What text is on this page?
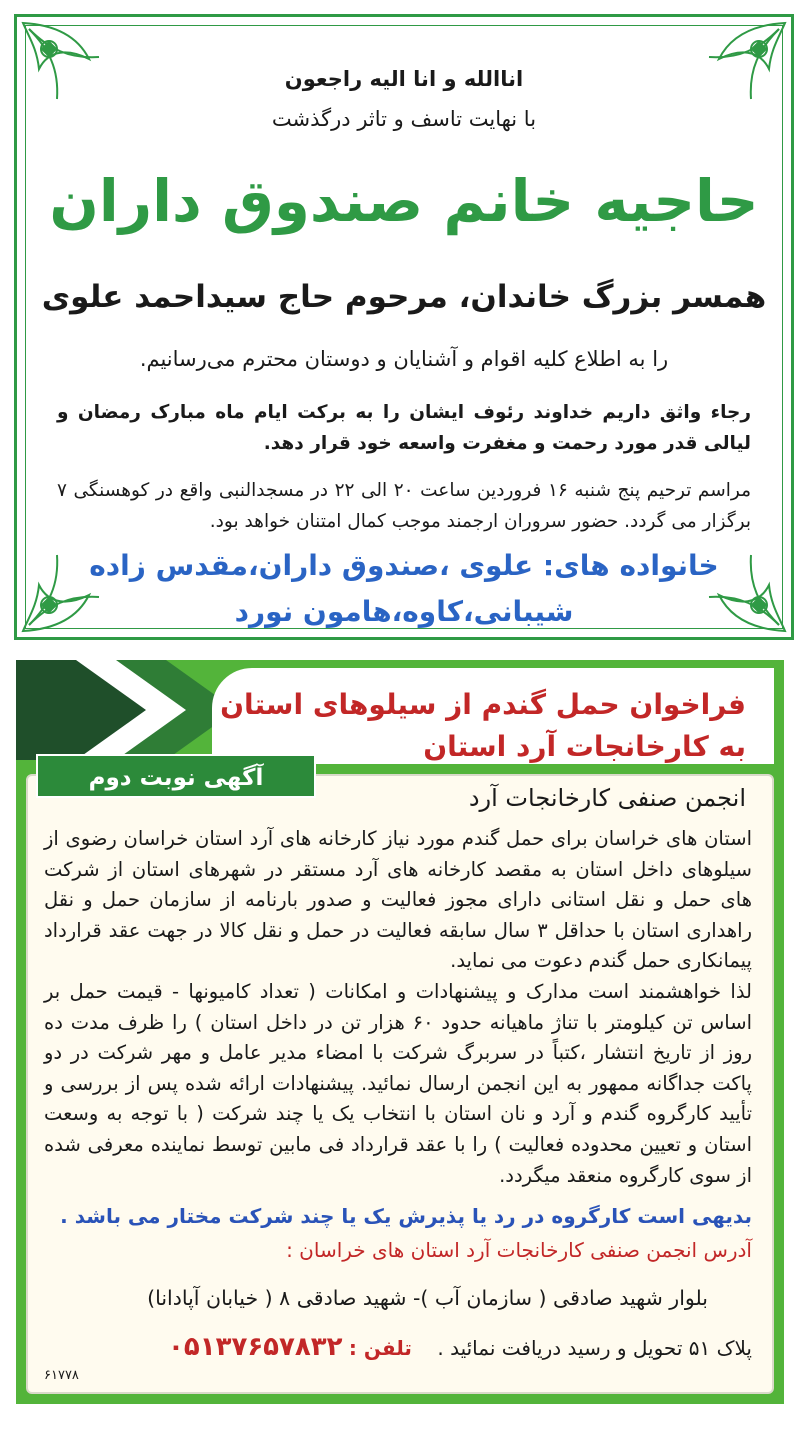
اناالله و انا الیه راجعون
با نهایت تاسف و تاثر درگذشت
حاجیه خانم صندوق داران
همسر بزرگ خاندان، مرحوم حاج سیداحمد علوی
را به اطلاع کلیه اقوام و آشنایان و دوستان محترم می‌رسانیم.
رجاء واثق داریم خداوند رئوف ایشان را به برکت ایام ماه مبارک رمضان و لیالی قدر مورد رحمت و مغفرت واسعه خود قرار دهد.
مراسم ترحیم پنج شنبه ۱۶ فروردین ساعت ۲۰ الی ۲۲ در مسجدالنبی واقع در کوهسنگی ۷ برگزار می گردد. حضور سروران ارجمند موجب کمال امتنان خواهد بود.
خانواده های: علوی ،صندوق داران،مقدس زاده
شیبانی،کاوه،هامون نورد
فراخوان حمل گندم از سیلوهای استان
به کارخانجات آرد استان
انجمن صنفی کارخانجات آرد
استان های خراسان برای حمل گندم مورد نیاز کارخانه های آرد استان خراسان رضوی از سیلوهای داخل استان به مقصد کارخانه های آرد مستقر در شهرهای استان از شرکت های حمل و نقل استانی دارای مجوز فعالیت و صدور بارنامه از سازمان حمل و نقل راهداری استان با حداقل ۳ سال سابقه فعالیت در حمل و نقل کالا در جهت عقد قرارداد پیمانکاری حمل گندم دعوت می نماید.
لذا خواهشمند است مدارک و پیشنهادات و امکانات ( تعداد کامیونها - قیمت حمل بر اساس تن کیلومتر با تناژ ماهیانه حدود ۶۰ هزار تن در داخل استان ) را ظرف مدت ده روز از تاریخ انتشار ،کتباً در سربرگ شرکت با امضاء مدیر عامل و مهر شرکت در دو پاکت جداگانه ممهور به این انجمن ارسال نمائید. پیشنهادات ارائه شده پس از بررسی و تأیید کارگروه گندم و آرد و نان استان با انتخاب یک یا چند شرکت ( با توجه به وسعت استان و تعیین محدوده فعالیت ) را با عقد قرارداد فی مابین توسط نماینده معرفی شده از سوی کارگروه منعقد میگردد.
بدیهی است کارگروه در رد یا پذیرش یک یا چند شرکت مختار می باشد .
آدرس انجمن صنفی کارخانجات آرد استان های خراسان :
بلوار شهید صادقی ( سازمان آب )- شهید صادقی ۸ ( خیابان آپادانا)
پلاک ۵۱ تحویل و رسید دریافت نمائید .    تلفن : ۰۵۱۳۷۶۵۷۸۳۲
۶۱۷۷۸
آگهی نوبت دوم
